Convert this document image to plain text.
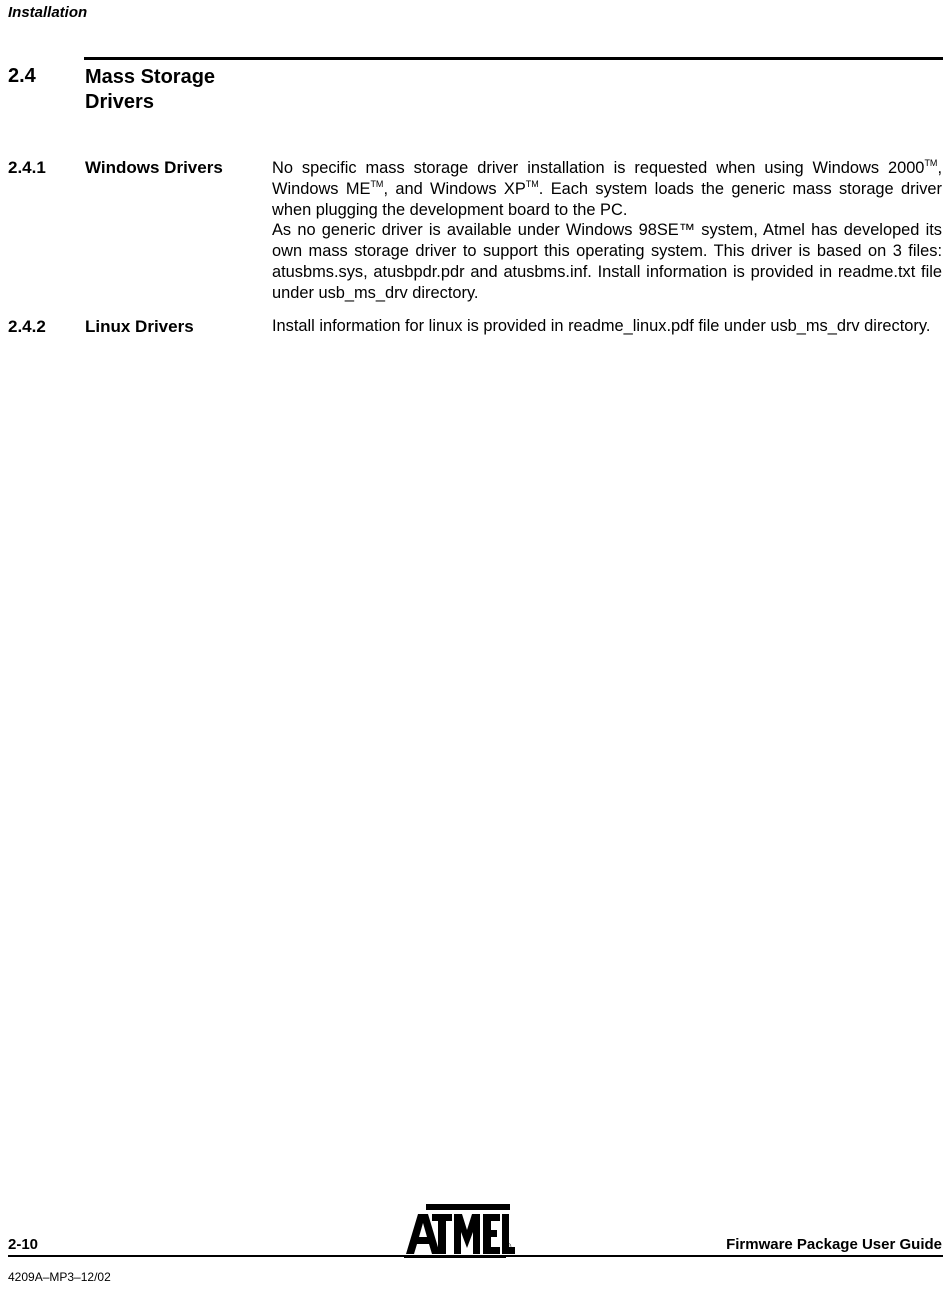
Installation
2.4 Mass Storage
Drivers
2.4.1 Windows Drivers	No specific mass storage driver installation is requested when using Windows 2000™, Windows ME™, and Windows XP™. Each system loads the generic mass storage driver when plugging the development board to the PC.

As no generic driver is available under Windows 98SE™ system, Atmel has developed its own mass storage driver to support this operating system. This driver is based on 3 files: atusbms.sys, atusbpdr.pdr and atusbms.inf. Install information is provided in readme.txt file under usb_ms_drv directory.

2.4.2 Linux Drivers	Install information for linux is provided in readme_linux.pdf file under usb_ms_drv directory.

2-10	Firmware Package User Guide
4209A–MP3–12/02
®
